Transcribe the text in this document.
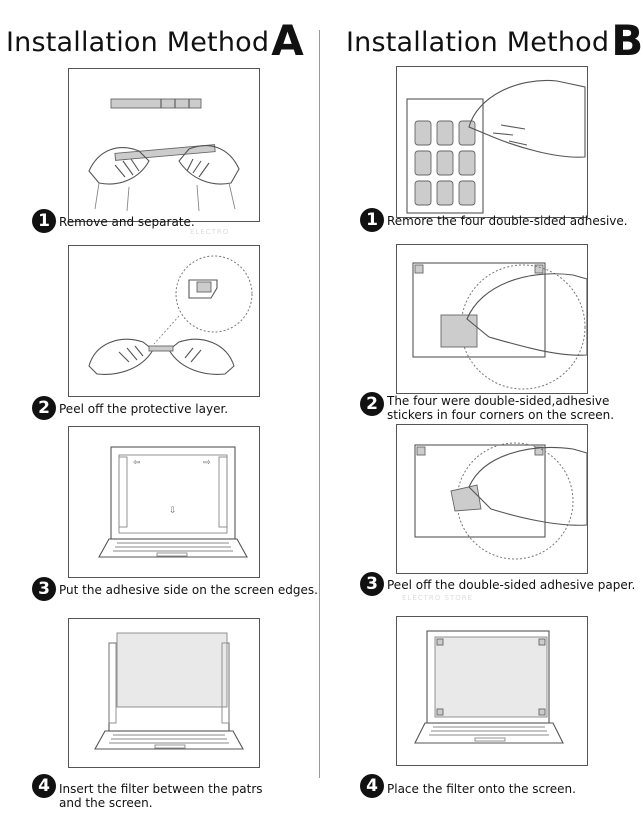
Installation MethodA Installation MethodB
1 Remove and separate.
ELECTRO
2 Peel off the protective layer.
⇦	⇨
⇩
3 Put the adhesive side on the screen edges.
4 Insert the filter between the patrs
and the screen.
1 Remore the four double-sided adhesive.
2 The four were double-sided,adhesive
stickers in four corners on the screen.
3 Peel off the double-sided adhesive paper.
ELECTRO STORE
4 Place the filter onto the screen.
